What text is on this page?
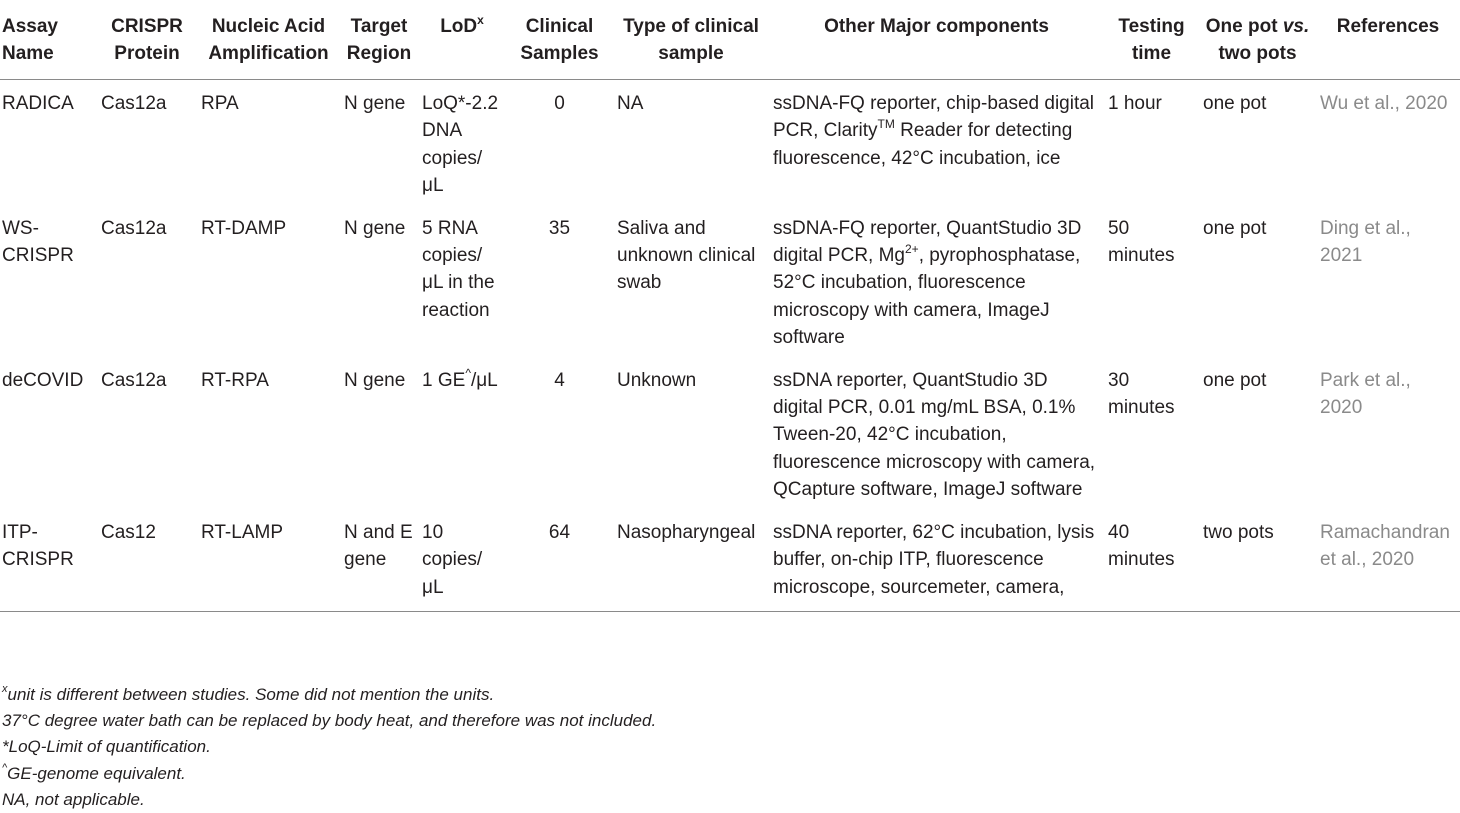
Assay Name	CRISPR Protein	Nucleic Acid Amplification	Target Region	LoD$^x$	Clinical Samples	Type of clinical sample	Other Major components	Testing time	One pot vs. two pots	References
RADICA	Cas12a	RPA	N gene	LoQ*-2.2 DNA copies/μL	0	NA	ssDNA-FQ reporter, chip-based digital PCR, Clarity™ Reader for detecting fluorescence, 42°C incubation, ice	1 hour	one pot	Wu et al., 2020
WS-CRISPR	Cas12a	RT-DAMP	N gene	5 RNA copies/μL in the reaction	35	Saliva and unknown clinical swab	ssDNA-FQ reporter, QuantStudio 3D digital PCR, $Mg^{2+}$, pyrophosphatase, 52°C incubation, fluorescence microscopy with camera, ImageJ software	50 minutes	one pot	Ding et al., 2021
deCOVID	Cas12a	RT-RPA	N gene	1 GE^/μL	4	Unknown	ssDNA reporter, QuantStudio 3D digital PCR, 0.01 mg/mL BSA, 0.1% Tween-20, 42°C incubation, fluorescence microscopy with camera, QCapture software, ImageJ software	30 minutes	one pot	Park et al., 2020
ITP-CRISPR	Cas12	RT-LAMP	N and E gene	10 copies/μL	64	Nasopharyngeal	ssDNA reporter, 62°C incubation, lysis buffer, on-chip ITP, fluorescence microscope, sourcemeter, camera,	40 minutes	two pots	Ramachandran et al., 2020
$^x$unit is different between studies. Some did not mention the units.
37°C degree water bath can be replaced by body heat, and therefore was not included.
*LoQ-Limit of quantification.
^GE-genome equivalent.
NA, not applicable.
